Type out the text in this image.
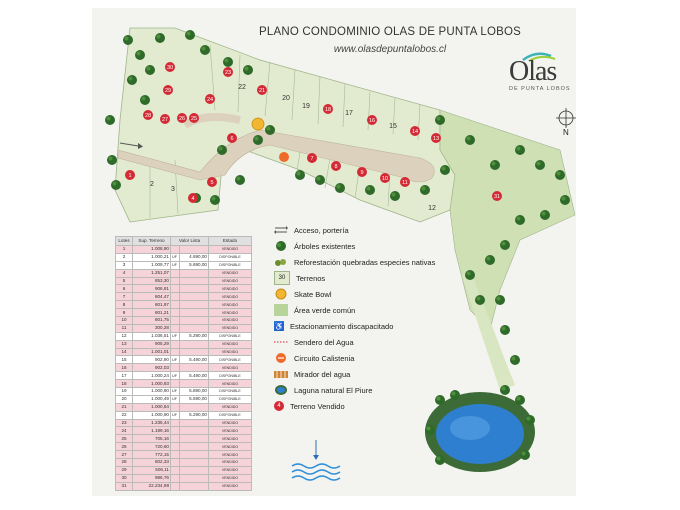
1
2
3
4
5
6
7
8
9
10
11
12
13
14
15
16
17
18
19
20
21
22
23
24
25
26
27
28
29
30
31
PLANO CONDOMINIO OLAS DE PUNTA LOBOS
www.olasdepuntalobos.cl
Olas
DE PUNTA LOBOS
N
Acceso, portería
Árboles existentes
Reforestación quebradas especies nativas
30	Terrenos
Skate Bowl
Área verde común
♿ Estacionamiento discapacitado
Sendero del Agua
Circuito Calistenia
Mirador del agua
Laguna natural El Piure
4	Terreno Vendido
Lotes	Sup. Terreno	Valor Lista		Estado
1	1.008,90			VENDIDO
2	1.000,21	UF	4.690,00	DISPONIBLE
3	1.009,77	UF	5.690,00	DISPONIBLE
4	1.251,07			VENDIDO
5	853,30			VENDIDO
6	906,81			VENDIDO
7	804,47			VENDIDO
8	801,97			VENDIDO
9	801,21			VENDIDO
10	801,75			VENDIDO
11	300,28			VENDIDO
12	1.036,51	UF	5.290,00	DISPONIBLE
13	905,29			VENDIDO
14	1.001,01			VENDIDO
15	902,90	UF	5.490,00	DISPONIBLE
16	902,03			VENDIDO
17	1.000,24	UF	5.490,00	DISPONIBLE
18	1.000,93			VENDIDO
19	1.000,90	UF	5.890,00	DISPONIBLE
20	1.000,49	UF	5.590,00	DISPONIBLE
21	1.000,64			VENDIDO
22	1.000,90	UF	5.290,00	DISPONIBLE
23	1.235,44			VENDIDO
24	1.199,16			VENDIDO
25	705,16			VENDIDO
26	720,60			VENDIDO
27	772,15			VENDIDO
28	802,33			VENDIDO
29	506,11			VENDIDO
30	986,76			VENDIDO
31	22.234,98			VENDIDO
